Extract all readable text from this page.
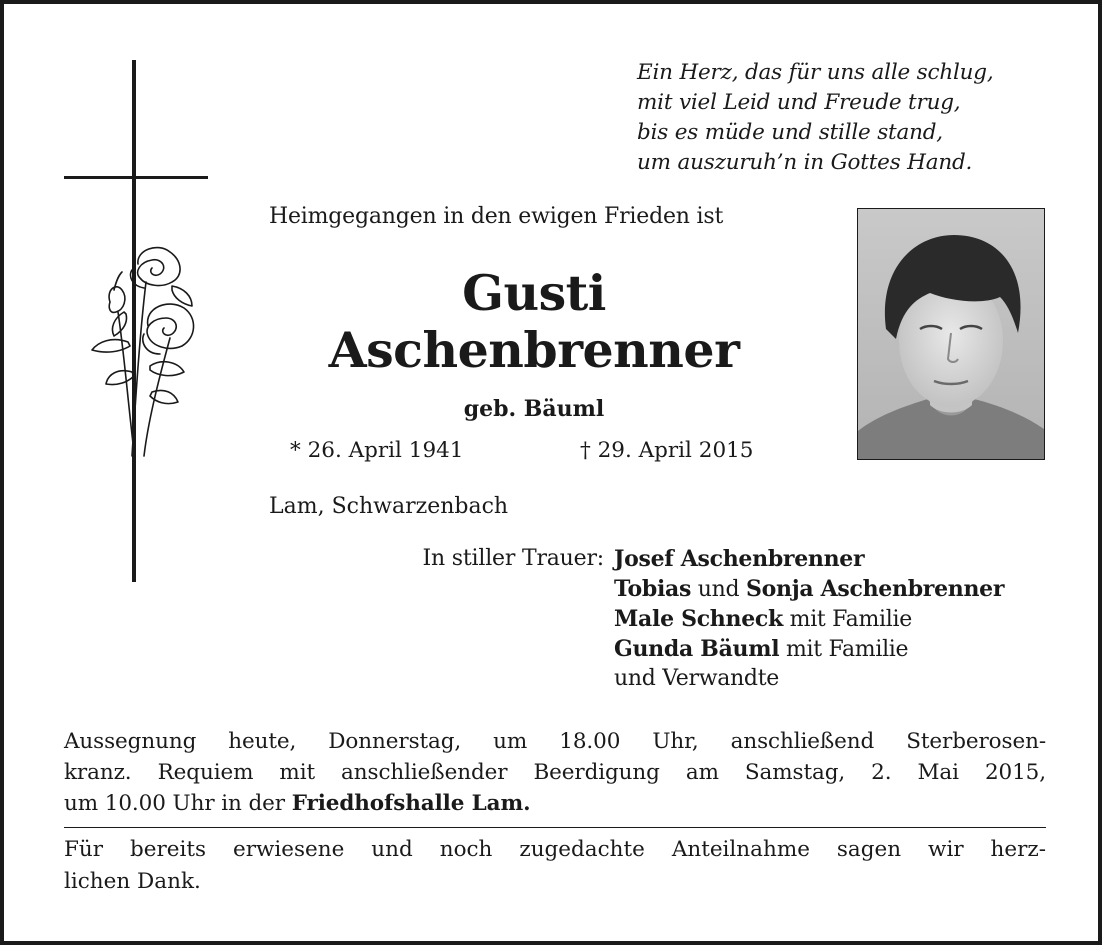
Ein Herz, das für uns alle schlug,
mit viel Leid und Freude trug,
bis es müde und stille stand,
um auszuruh’n in Gottes Hand.
Heimgegangen in den ewigen Frieden ist
Gusti
Aschenbrenner
geb. Bäuml
* 26. April 1941	† 29. April 2015
Lam, Schwarzenbach
In stiller Trauer: Josef Aschenbrenner
Tobias und Sonja Aschenbrenner
Male Schneck mit Familie
Gunda Bäuml mit Familie
und Verwandte
Aussegnung heute, Donnerstag, um 18.00 Uhr, anschließend Sterberosen-
kranz. Requiem mit anschließender Beerdigung am Samstag, 2. Mai 2015,
um 10.00 Uhr in der Friedhofshalle Lam.
Für bereits erwiesene und noch zugedachte Anteilnahme sagen wir herz-
lichen Dank.
